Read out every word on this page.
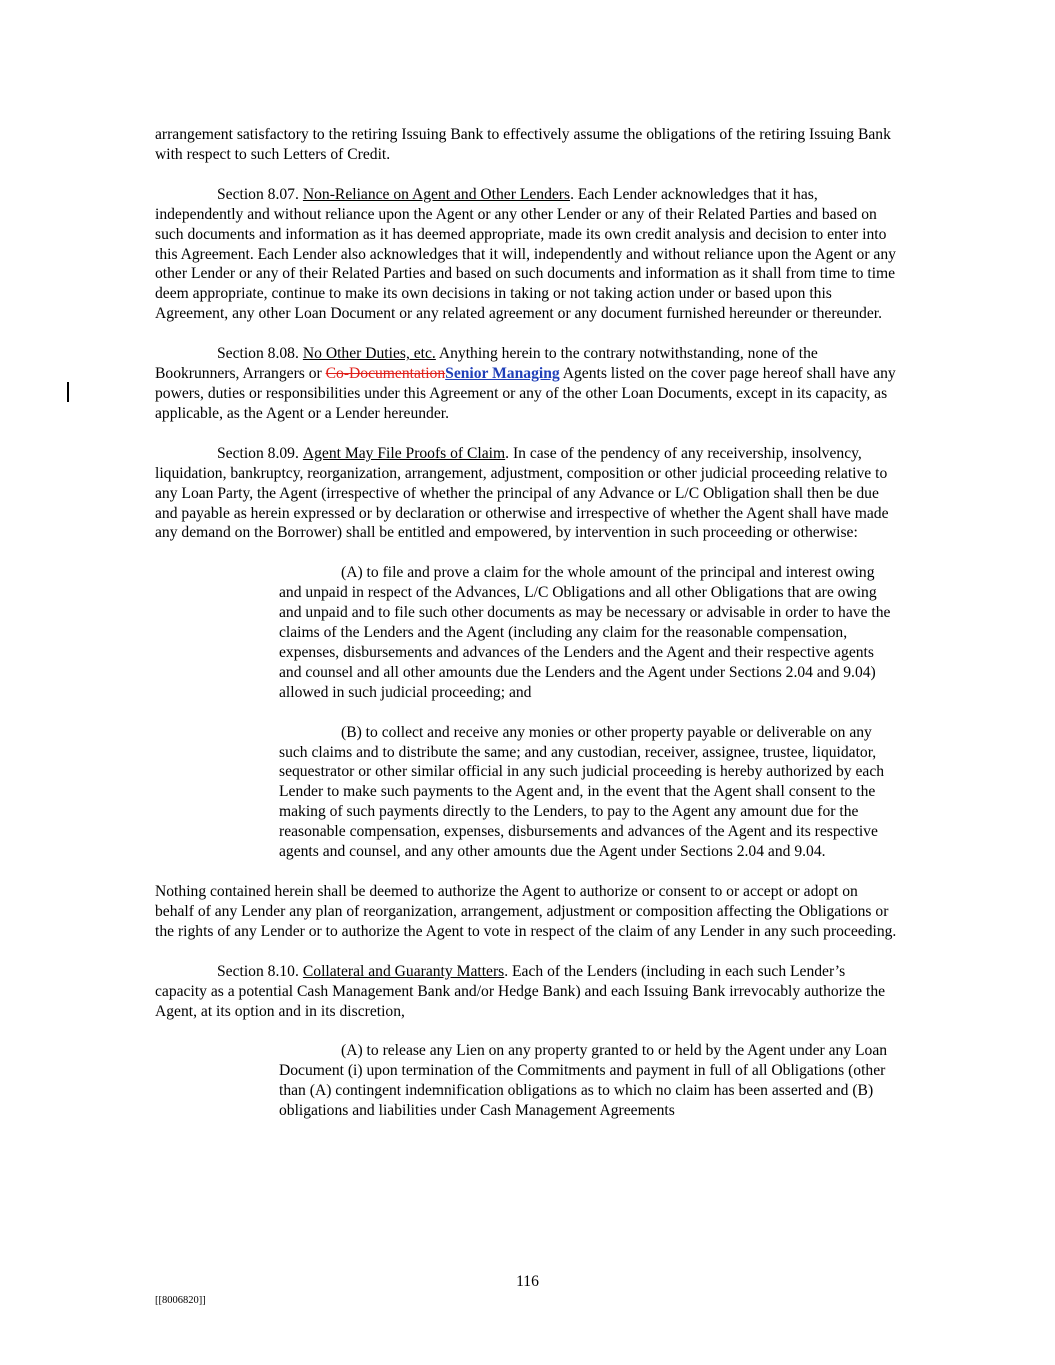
arrangement satisfactory to the retiring Issuing Bank to effectively assume the obligations of the retiring Issuing Bank with respect to such Letters of Credit.

Section 8.07. Non-Reliance on Agent and Other Lenders. Each Lender acknowledges that it has, independently and without reliance upon the Agent or any other Lender or any of their Related Parties and based on such documents and information as it has deemed appropriate, made its own credit analysis and decision to enter into this Agreement. Each Lender also acknowledges that it will, independently and without reliance upon the Agent or any other Lender or any of their Related Parties and based on such documents and information as it shall from time to time deem appropriate, continue to make its own decisions in taking or not taking action under or based upon this Agreement, any other Loan Document or any related agreement or any document furnished hereunder or thereunder.

Section 8.08. No Other Duties, etc. Anything herein to the contrary notwithstanding, none of the Bookrunners, Arrangers or Co-DocumentationSenior Managing Agents listed on the cover page hereof shall have any powers, duties or responsibilities under this Agreement or any of the other Loan Documents, except in its capacity, as applicable, as the Agent or a Lender hereunder.

Section 8.09. Agent May File Proofs of Claim. In case of the pendency of any receivership, insolvency, liquidation, bankruptcy, reorganization, arrangement, adjustment, composition or other judicial proceeding relative to any Loan Party, the Agent (irrespective of whether the principal of any Advance or L/C Obligation shall then be due and payable as herein expressed or by declaration or otherwise and irrespective of whether the Agent shall have made any demand on the Borrower) shall be entitled and empowered, by intervention in such proceeding or otherwise:

(A) to file and prove a claim for the whole amount of the principal and interest owing and unpaid in respect of the Advances, L/C Obligations and all other Obligations that are owing and unpaid and to file such other documents as may be necessary or advisable in order to have the claims of the Lenders and the Agent (including any claim for the reasonable compensation, expenses, disbursements and advances of the Lenders and the Agent and their respective agents and counsel and all other amounts due the Lenders and the Agent under Sections 2.04 and 9.04) allowed in such judicial proceeding; and

(B) to collect and receive any monies or other property payable or deliverable on any such claims and to distribute the same; and any custodian, receiver, assignee, trustee, liquidator, sequestrator or other similar official in any such judicial proceeding is hereby authorized by each Lender to make such payments to the Agent and, in the event that the Agent shall consent to the making of such payments directly to the Lenders, to pay to the Agent any amount due for the reasonable compensation, expenses, disbursements and advances of the Agent and its respective agents and counsel, and any other amounts due the Agent under Sections 2.04 and 9.04.

Nothing contained herein shall be deemed to authorize the Agent to authorize or consent to or accept or adopt on behalf of any Lender any plan of reorganization, arrangement, adjustment or composition affecting the Obligations or the rights of any Lender or to authorize the Agent to vote in respect of the claim of any Lender in any such proceeding.

Section 8.10. Collateral and Guaranty Matters. Each of the Lenders (including in each such Lender’s capacity as a potential Cash Management Bank and/or Hedge Bank) and each Issuing Bank irrevocably authorize the Agent, at its option and in its discretion,

(A) to release any Lien on any property granted to or held by the Agent under any Loan Document (i) upon termination of the Commitments and payment in full of all Obligations (other than (A) contingent indemnification obligations as to which no claim has been asserted and (B) obligations and liabilities under Cash Management Agreements

116
[[8006820]]
